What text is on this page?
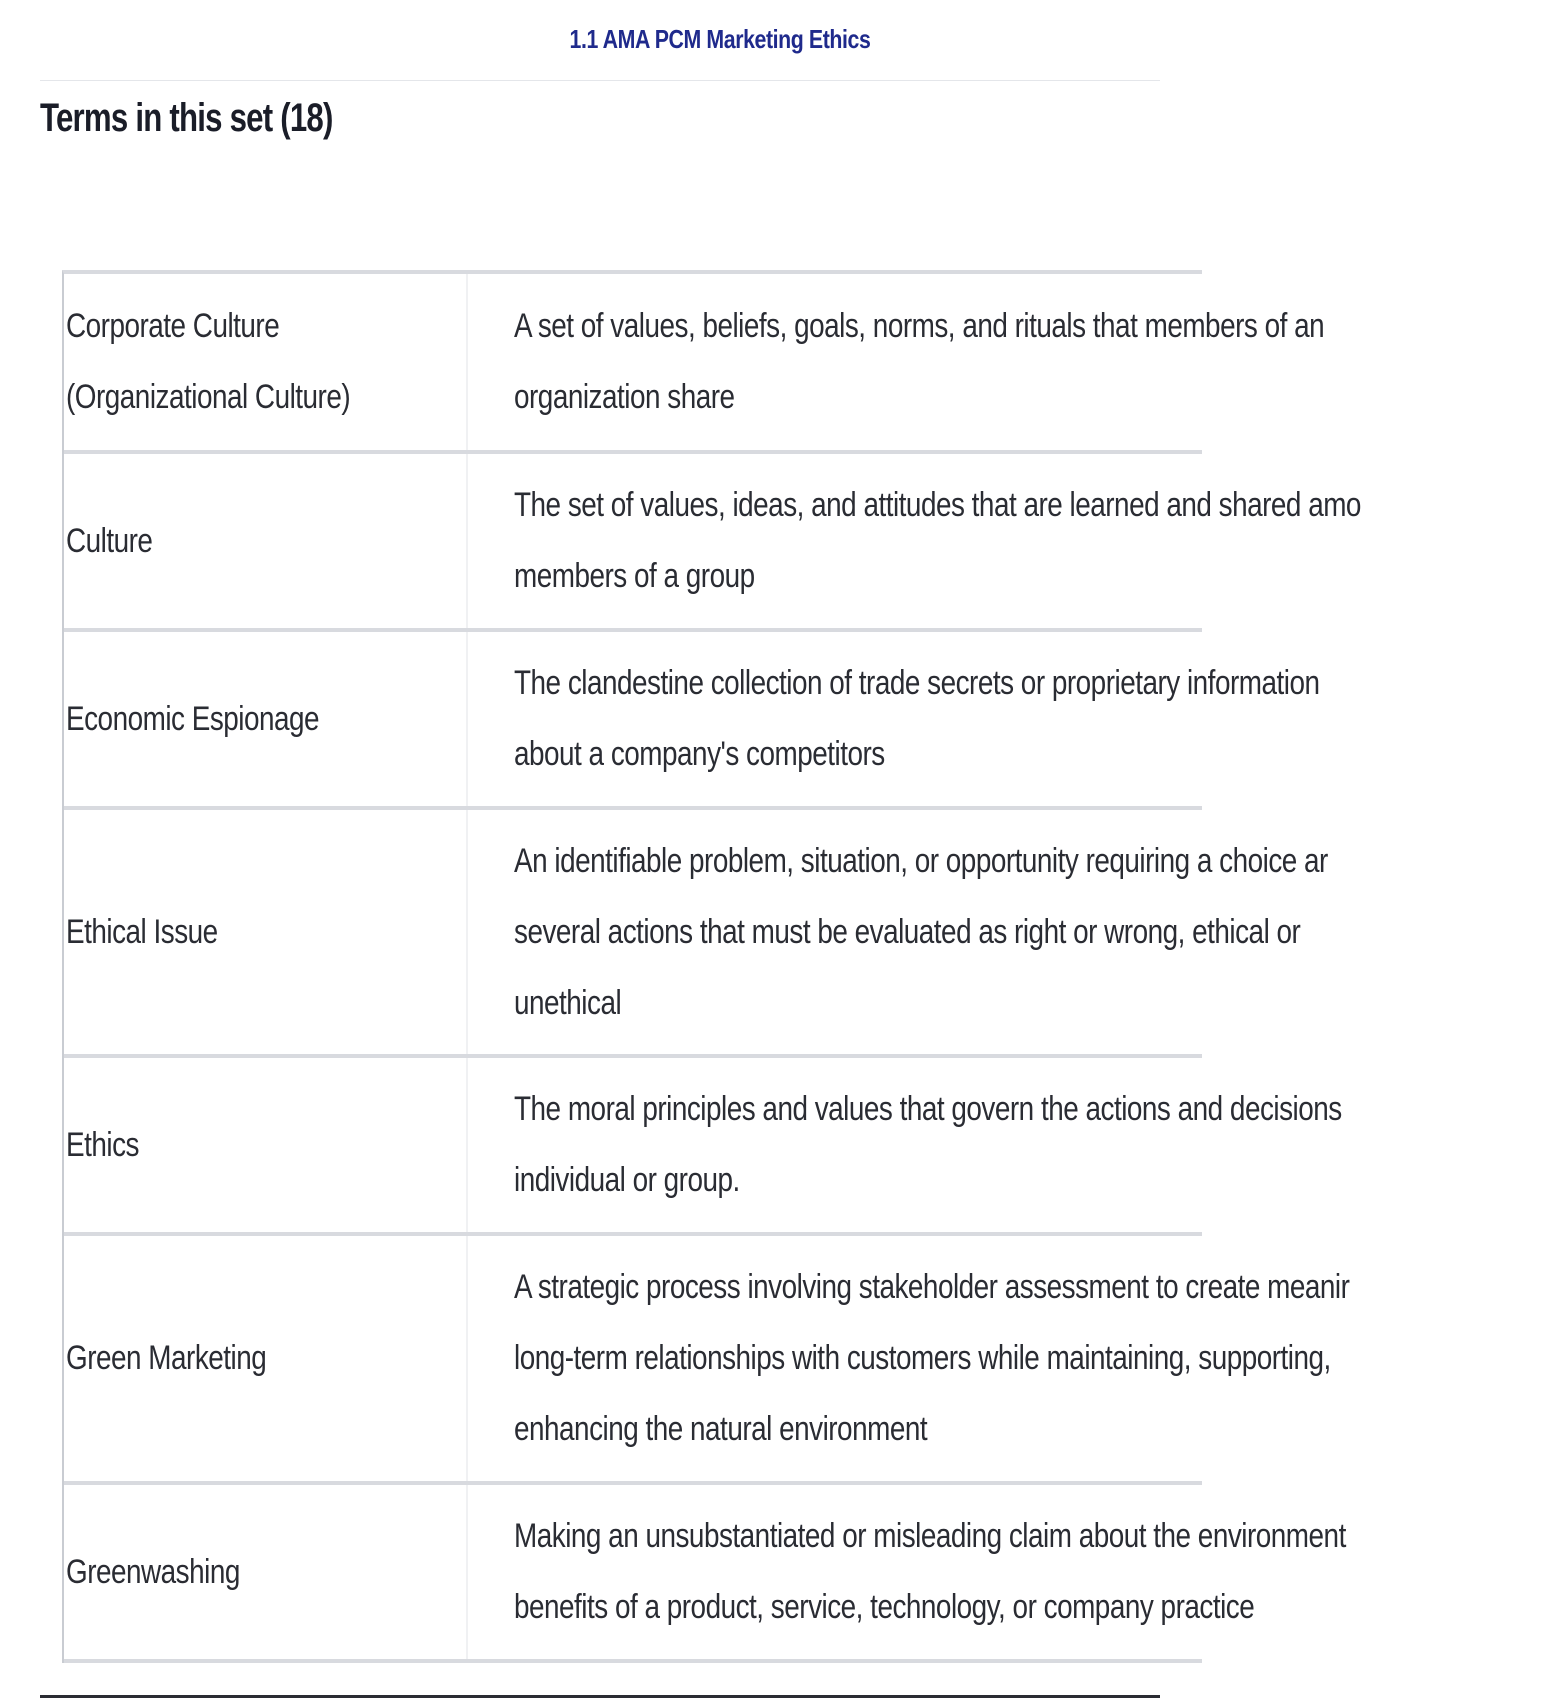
1.1 AMA PCM Marketing Ethics
Terms in this set (18)
Corporate Culture (Organizational Culture)
A set of values, beliefs, goals, norms, and rituals that members of an
organization share
Culture
The set of values, ideas, and attitudes that are learned and shared amo
members of a group
Economic Espionage
The clandestine collection of trade secrets or proprietary information
about a company's competitors
Ethical Issue
An identifiable problem, situation, or opportunity requiring a choice ar
several actions that must be evaluated as right or wrong, ethical or
unethical
Ethics
The moral principles and values that govern the actions and decisions
individual or group.
Green Marketing
A strategic process involving stakeholder assessment to create meanir
long-term relationships with customers while maintaining, supporting,
enhancing the natural environment
Greenwashing
Making an unsubstantiated or misleading claim about the environment
benefits of a product, service, technology, or company practice
